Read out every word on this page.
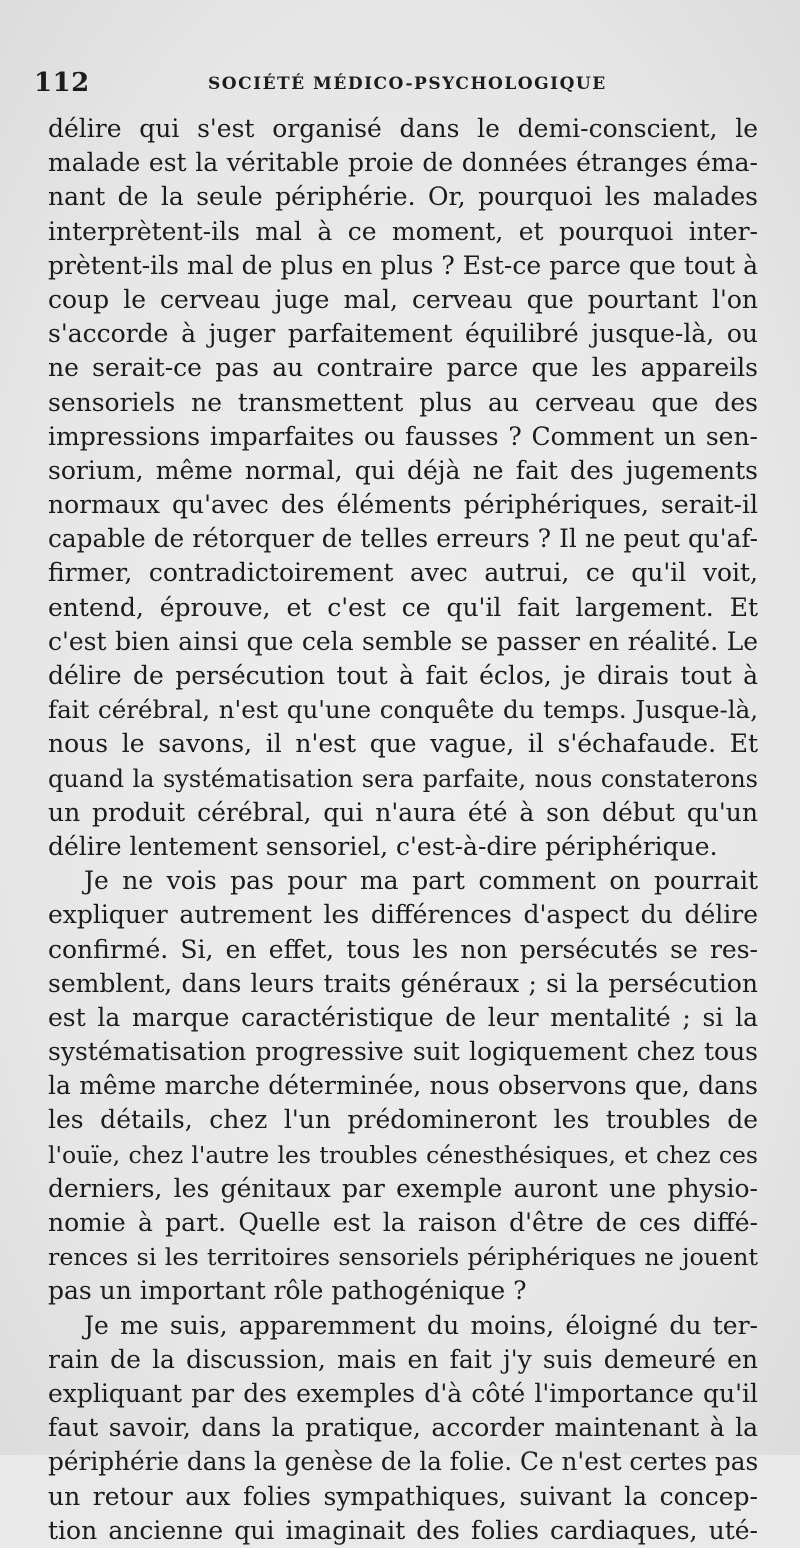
112	SOCIÉTÉ MÉDICO-PSYCHOLOGIQUE
délire qui s'est organisé dans le demi-conscient, le
malade est la véritable proie de données étranges éma-
nant de la seule périphérie. Or, pourquoi les malades
interprètent-ils mal à ce moment, et pourquoi inter-
prètent-ils mal de plus en plus ? Est-ce parce que tout à
coup le cerveau juge mal, cerveau que pourtant l'on
s'accorde à juger parfaitement équilibré jusque-là, ou
ne serait-ce pas au contraire parce que les appareils
sensoriels ne transmettent plus au cerveau que des
impressions imparfaites ou fausses ? Comment un sen-
sorium, même normal, qui déjà ne fait des jugements
normaux qu'avec des éléments périphériques, serait-il
capable de rétorquer de telles erreurs ? Il ne peut qu'af-
firmer, contradictoirement avec autrui, ce qu'il voit,
entend, éprouve, et c'est ce qu'il fait largement. Et
c'est bien ainsi que cela semble se passer en réalité. Le
délire de persécution tout à fait éclos, je dirais tout à
fait cérébral, n'est qu'une conquête du temps. Jusque-là,
nous le savons, il n'est que vague, il s'échafaude. Et
quand la systématisation sera parfaite, nous constaterons
un produit cérébral, qui n'aura été à son début qu'un
délire lentement sensoriel, c'est-à-dire périphérique.
Je ne vois pas pour ma part comment on pourrait
expliquer autrement les différences d'aspect du délire
confirmé. Si, en effet, tous les non persécutés se res-
semblent, dans leurs traits généraux ; si la persécution
est la marque caractéristique de leur mentalité ; si la
systématisation progressive suit logiquement chez tous
la même marche déterminée, nous observons que, dans
les détails, chez l'un prédomineront les troubles de
l'ouïe, chez l'autre les troubles cénesthésiques, et chez ces
derniers, les génitaux par exemple auront une physio-
nomie à part. Quelle est la raison d'être de ces diffé-
rences si les territoires sensoriels périphériques ne jouent
pas un important rôle pathogénique ?
Je me suis, apparemment du moins, éloigné du ter-
rain de la discussion, mais en fait j'y suis demeuré en
expliquant par des exemples d'à côté l'importance qu'il
faut savoir, dans la pratique, accorder maintenant à la
périphérie dans la genèse de la folie. Ce n'est certes pas
un retour aux folies sympathiques, suivant la concep-
tion ancienne qui imaginait des folies cardiaques, uté-
